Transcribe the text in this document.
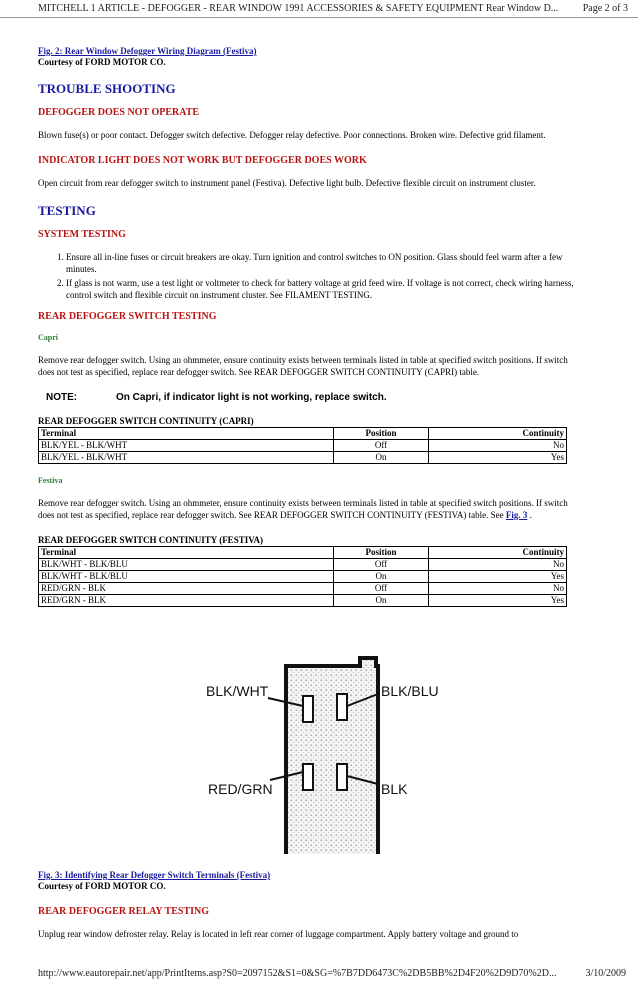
MITCHELL 1 ARTICLE - DEFOGGER - REAR WINDOW 1991 ACCESSORIES & SAFETY EQUIPMENT Rear Window D... Page 2 of 3

Fig. 2: Rear Window Defogger Wiring Diagram (Festiva)

Courtesy of FORD MOTOR CO.

TROUBLE SHOOTING
DEFOGGER DOES NOT OPERATE

Blown fuse(s) or poor contact. Defogger switch defective. Defogger relay defective. Poor connections. Broken wire. Defective grid filament.

INDICATOR LIGHT DOES NOT WORK BUT DEFOGGER DOES WORK

Open circuit from rear defogger switch to instrument panel (Festiva). Defective light bulb. Defective flexible circuit on instrument cluster.

TESTING
SYSTEM TESTING
1. Ensure all in-line fuses or circuit breakers are okay. Turn ignition and control switches to ON position. Glass should feel warm after a few minutes.
2. If glass is not warm, use a test light or voltmeter to check for battery voltage at grid feed wire. If voltage is not correct, check wiring harness, control switch and flexible circuit on instrument cluster. See FILAMENT TESTING.
REAR DEFOGGER SWITCH TESTING
Capri

Remove rear defogger switch. Using an ohmmeter, ensure continuity exists between terminals listed in table at specified switch positions. If switch does not test as specified, replace rear defogger switch. See REAR DEFOGGER SWITCH CONTINUITY (CAPRI) table.

NOTE:	On Capri, if indicator light is not working, replace switch.
REAR DEFOGGER SWITCH CONTINUITY (CAPRI)
Terminal	Position	Continuity
BLK/YEL - BLK/WHT	Off	No
BLK/YEL - BLK/WHT	On	Yes
Festiva

Remove rear defogger switch. Using an ohmmeter, ensure continuity exists between terminals listed in table at specified switch positions. If switch does not test as specified, replace rear defogger switch. See REAR DEFOGGER SWITCH CONTINUITY (FESTIVA) table. See Fig. 3 .

REAR DEFOGGER SWITCH CONTINUITY (FESTIVA)
Terminal	Position	Continuity
BLK/WHT - BLK/BLU	Off	No
BLK/WHT - BLK/BLU	On	Yes
RED/GRN - BLK	Off	No
RED/GRN - BLK	On	Yes
BLK/WHT	BLK/BLU
RED/GRN	BLK

Fig. 3: Identifying Rear Defogger Switch Terminals (Festiva)

Courtesy of FORD MOTOR CO.

REAR DEFOGGER RELAY TESTING

Unplug rear window defroster relay. Relay is located in left rear corner of luggage compartment. Apply battery voltage and ground to

http://www.eautorepair.net/app/PrintItems.asp?S0=2097152&S1=0&SG=%7B7DD6473C%2DB5BB%2D4F20%2D9D70%2D...	3/10/2009
